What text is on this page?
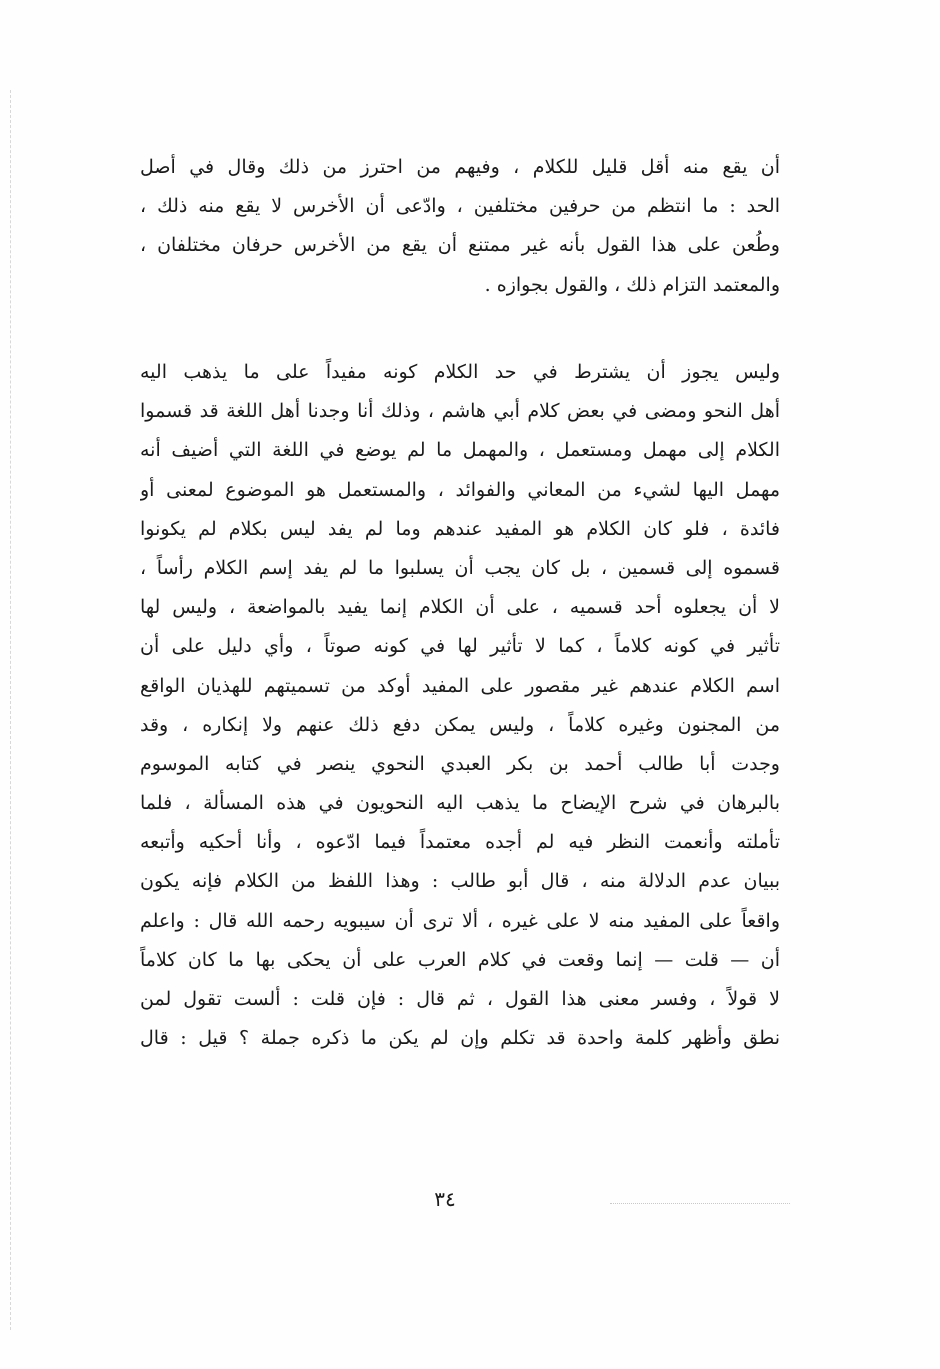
أن يقع منه أقل قليل للكلام ، وفيهم من احترز من ذلك وقال في أصل
الحد : ما انتظم من حرفين مختلفين ، وادّعى أن الأخرس لا يقع منه ذلك ،
وطُعن على هذا القول بأنه غير ممتنع أن يقع من الأخرس حرفان مختلفان ،
والمعتمد التزام ذلك ، والقول بجوازه .
وليس يجوز أن يشترط في حد الكلام كونه مفيداً على ما يذهب اليه
أهل النحو ومضى في بعض كلام أبي هاشم ، وذلك أنا وجدنا أهل اللغة قد قسموا
الكلام إلى مهمل ومستعمل ، والمهمل ما لم يوضع في اللغة التي أضيف أنه
مهمل اليها لشيء من المعاني والفوائد ، والمستعمل هو الموضوع لمعنى أو
فائدة ، فلو كان الكلام هو المفيد عندهم وما لم يفد ليس بكلام لم يكونوا
قسموه إلى قسمين ، بل كان يجب أن يسلبوا ما لم يفد إسم الكلام رأساً ،
لا أن يجعلوه أحد قسميه ، على أن الكلام إنما يفيد بالمواضعة ، وليس لها
تأثير في كونه كلاماً ، كما لا تأثير لها في كونه صوتاً ، وأي دليل على أن
اسم الكلام عندهم غير مقصور على المفيد أوكد من تسميتهم للهذيان الواقع
من المجنون وغيره كلاماً ، وليس يمكن دفع ذلك عنهم ولا إنكاره ، وقد
وجدت أبا طالب أحمد بن بكر العبدي النحوي ينصر في كتابه الموسوم
بالبرهان في شرح الإيضاح ما يذهب اليه النحويون في هذه المسألة ، فلما
تأملته وأنعمت النظر فيه لم أجده معتمداً فيما ادّعوه ، وأنا أحكيه وأتبعه
ببيان عدم الدلالة منه ، قال أبو طالب : وهذا اللفظ من الكلام فإنه يكون
واقعاً على المفيد منه لا على غيره ، ألا ترى أن سيبويه رحمه الله قال : واعلم
أن — قلت — إنما وقعت في كلام العرب على أن يحكى بها ما كان كلاماً
لا قولاً ، وفسر معنى هذا القول ، ثم قال : فإن قلت : ألست تقول لمن
نطق وأظهر كلمة واحدة قد تكلم وإن لم يكن ما ذكره جملة ؟ قيل : قال
٣٤
